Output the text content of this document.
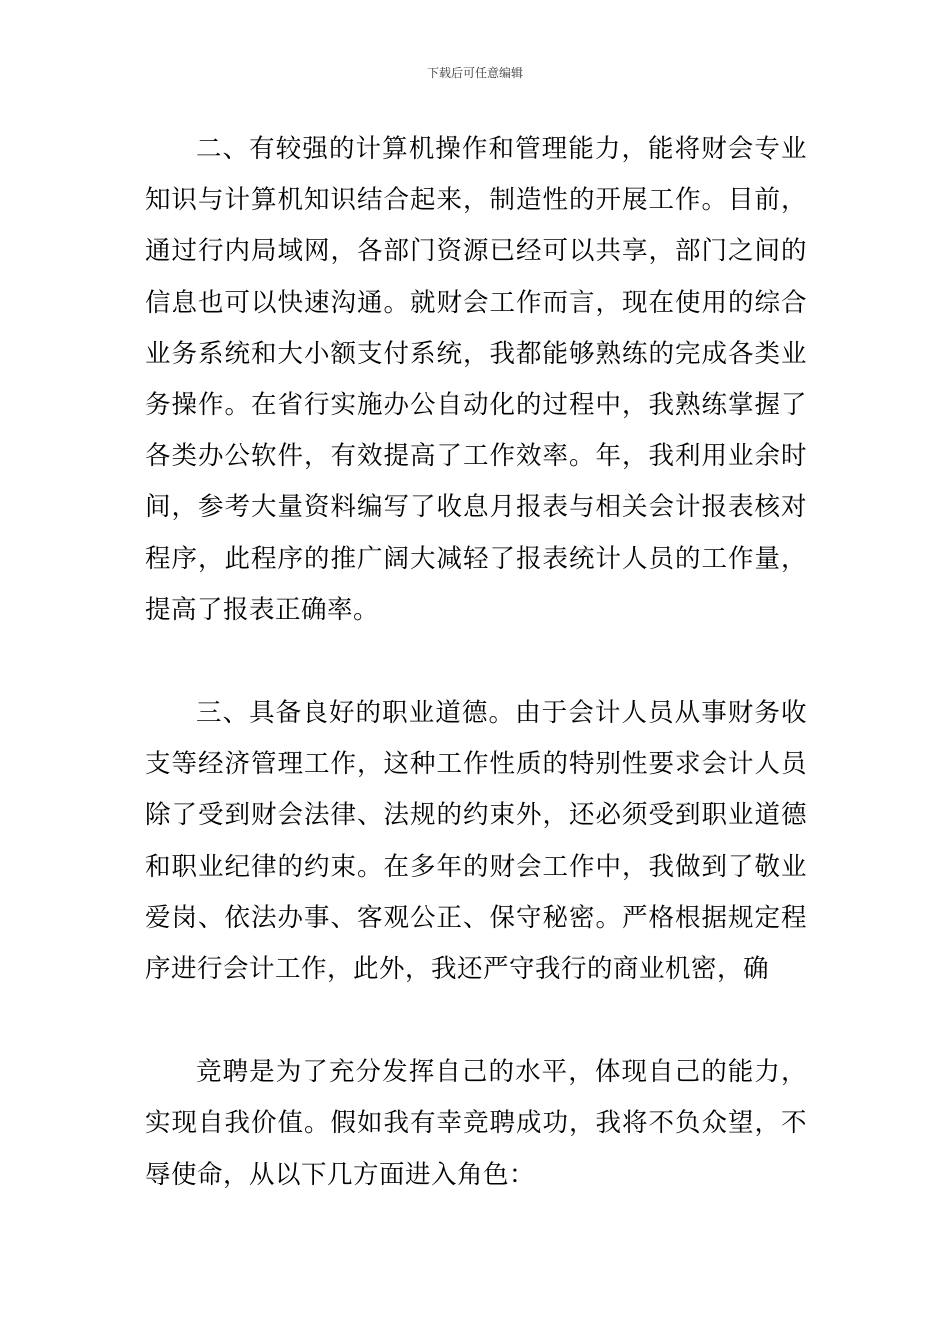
下载后可任意编辑

二、有较强的计算机操作和管理能力，能将财会专业知识与计算机知识结合起来，制造性的开展工作。目前，通过行内局域网，各部门资源已经可以共享，部门之间的信息也可以快速沟通。就财会工作而言，现在使用的综合业务系统和大小额支付系统，我都能够熟练的完成各类业务操作。在省行实施办公自动化的过程中，我熟练掌握了各类办公软件，有效提高了工作效率。年，我利用业余时间，参考大量资料编写了收息月报表与相关会计报表核对程序，此程序的推广阔大减轻了报表统计人员的工作量，提高了报表正确率。

三、具备良好的职业道德。由于会计人员从事财务收支等经济管理工作，这种工作性质的特别性要求会计人员除了受到财会法律、法规的约束外，还必须受到职业道德和职业纪律的约束。在多年的财会工作中，我做到了敬业爱岗、依法办事、客观公正、保守秘密。严格根据规定程序进行会计工作，此外，我还严守我行的商业机密，确

竞聘是为了充分发挥自己的水平，体现自己的能力，实现自我价值。假如我有幸竞聘成功，我将不负众望，不辱使命，从以下几方面进入角色：
